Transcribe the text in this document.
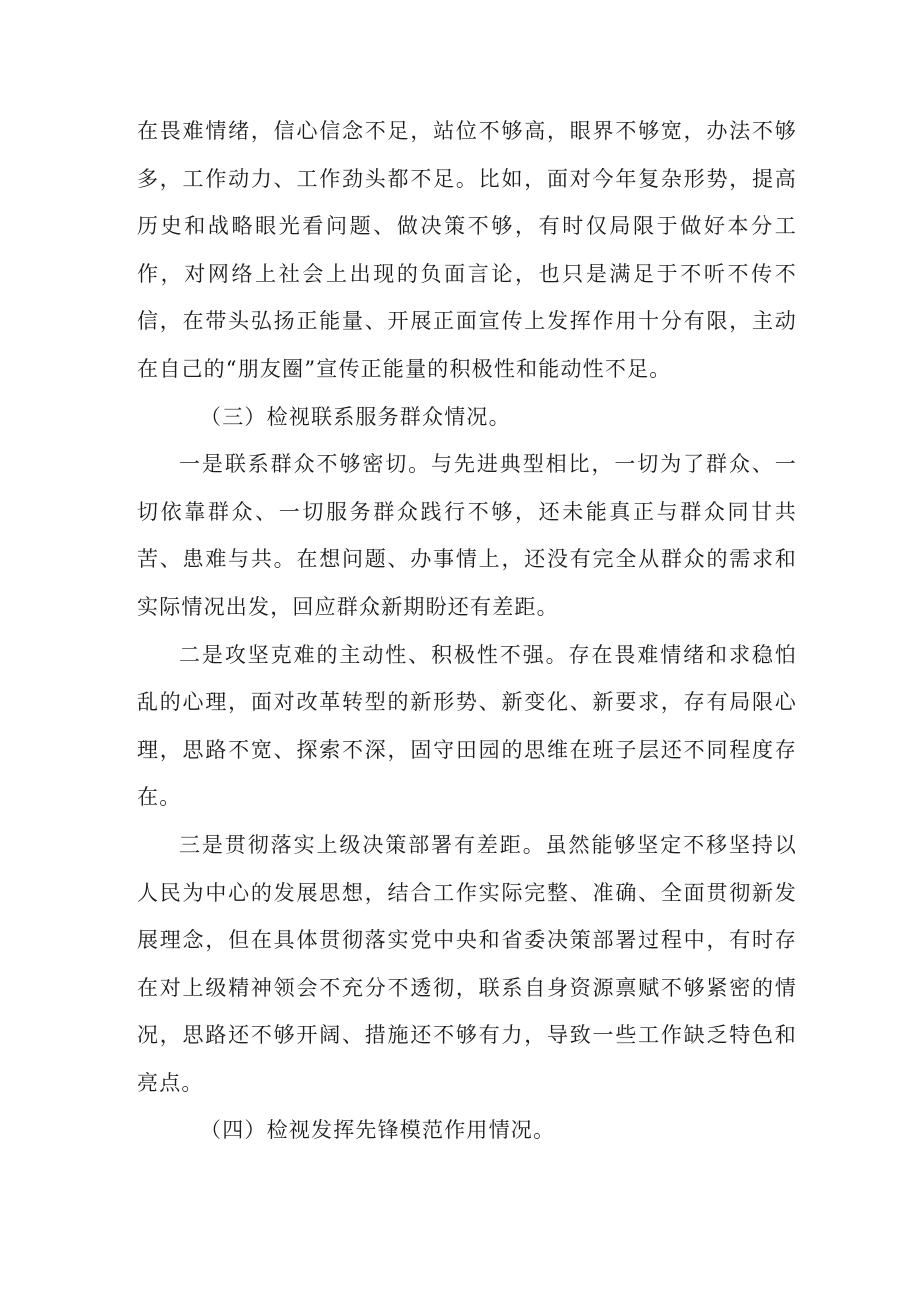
在畏难情绪，信心信念不足，站位不够高，眼界不够宽，办法不够多，工作动力、工作劲头都不足。比如，面对今年复杂形势，提高历史和战略眼光看问题、做决策不够，有时仅局限于做好本分工作，对网络上社会上出现的负面言论，也只是满足于不听不传不信，在带头弘扬正能量、开展正面宣传上发挥作用十分有限，主动在自己的“朋友圈”宣传正能量的积极性和能动性不足。

（三）检视联系服务群众情况。

一是联系群众不够密切。与先进典型相比，一切为了群众、一切依靠群众、一切服务群众践行不够，还未能真正与群众同甘共苦、患难与共。在想问题、办事情上，还没有完全从群众的需求和实际情况出发，回应群众新期盼还有差距。

二是攻坚克难的主动性、积极性不强。存在畏难情绪和求稳怕乱的心理，面对改革转型的新形势、新变化、新要求，存有局限心理，思路不宽、探索不深，固守田园的思维在班子层还不同程度存在。

三是贯彻落实上级决策部署有差距。虽然能够坚定不移坚持以人民为中心的发展思想，结合工作实际完整、准确、全面贯彻新发展理念，但在具体贯彻落实党中央和省委决策部署过程中，有时存在对上级精神领会不充分不透彻，联系自身资源禀赋不够紧密的情况，思路还不够开阔、措施还不够有力，导致一些工作缺乏特色和亮点。

（四）检视发挥先锋模范作用情况。
